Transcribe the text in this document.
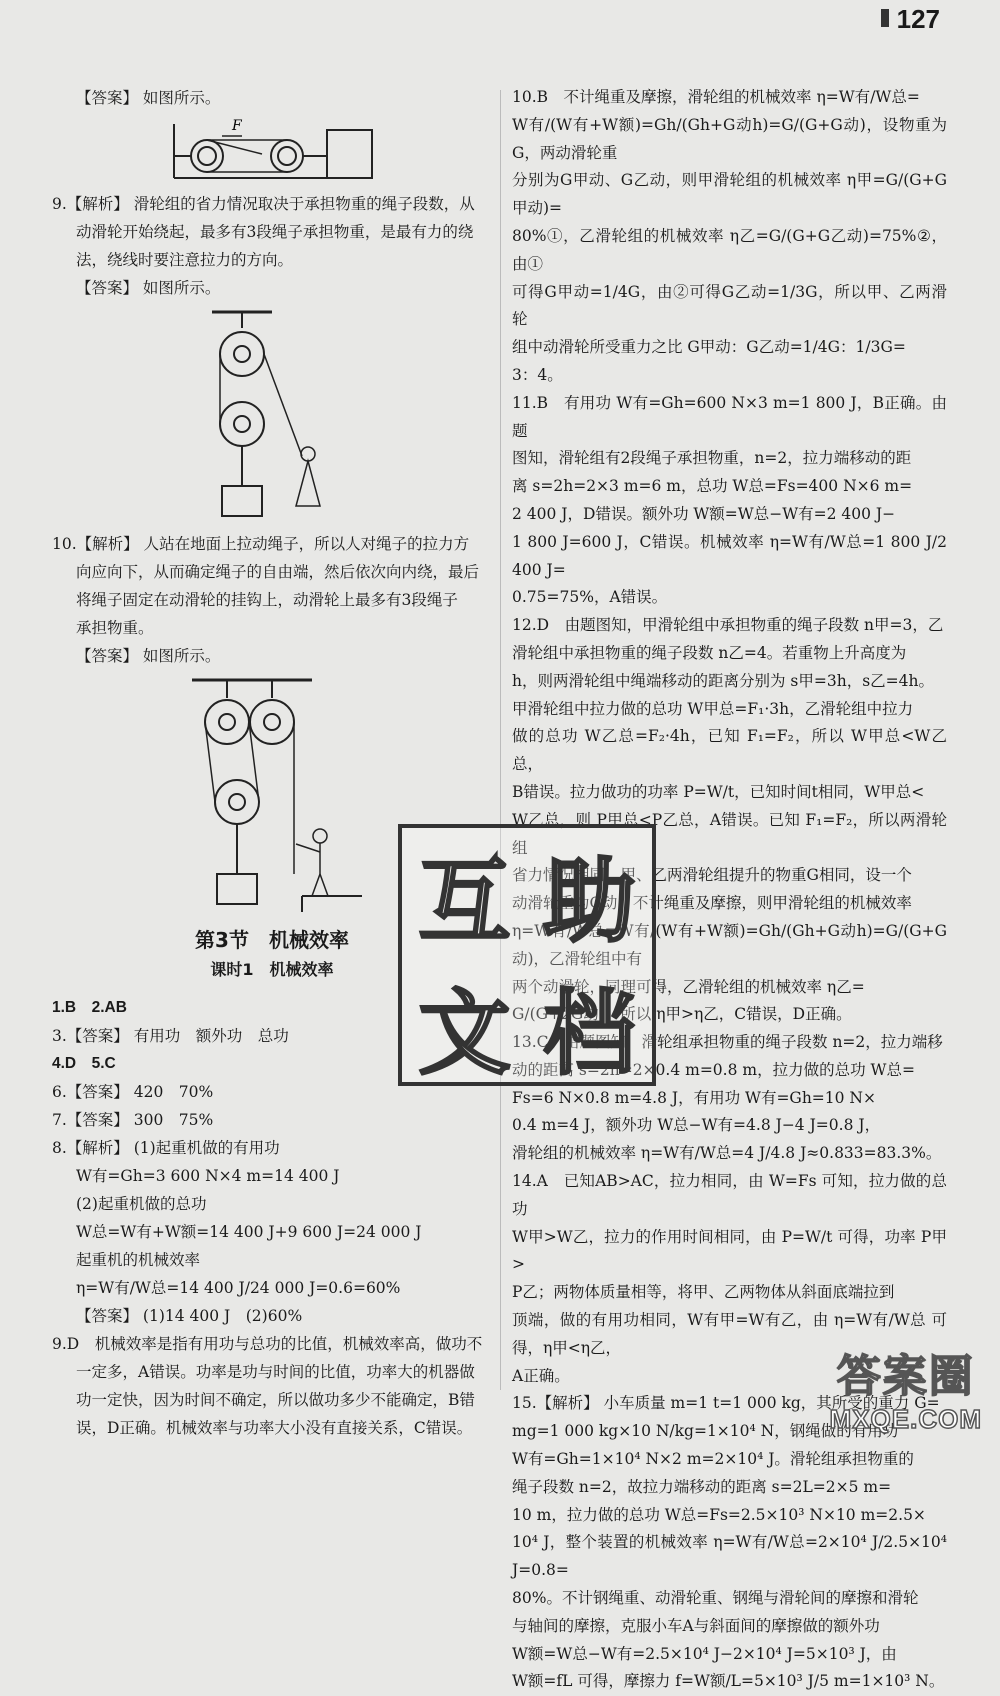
127

【答案】 如图所示。

F

9.【解析】 滑轮组的省力情况取决于承担物重的绳子段数，从

动滑轮开始绕起，最多有3段绳子承担物重，是最有力的绕

法，绕线时要注意拉力的方向。

【答案】 如图所示。

10.【解析】 人站在地面上拉动绳子，所以人对绳子的拉力方

向应向下，从而确定绳子的自由端，然后依次向内绕，最后

将绳子固定在动滑轮的挂钩上，动滑轮上最多有3段绳子

承担物重。

【答案】 如图所示。

第3节　机械效率
课时1　机械效率

1.B　2.AB

3.【答案】 有用功　额外功　总功

4.D　5.C

6.【答案】 420　70%

7.【答案】 300　75%

8.【解析】 (1)起重机做的有用功

W有=Gh=3 600 N×4 m=14 400 J

(2)起重机做的总功

W总=W有+W额=14 400 J+9 600 J=24 000 J

起重机的机械效率

η=W有/W总=14 400 J/24 000 J=0.6=60%

【答案】 (1)14 400 J　(2)60%

9.D　机械效率是指有用功与总功的比值，机械效率高，做功不

一定多，A错误。功率是功与时间的比值，功率大的机器做

功一定快，因为时间不确定，所以做功多少不能确定，B错

误，D正确。机械效率与功率大小没有直接关系，C错误。

10.B　不计绳重及摩擦，滑轮组的机械效率 η=W有/W总=

W有/(W有+W额)=Gh/(Gh+G动h)=G/(G+G动)，设物重为G，两动滑轮重

分别为G甲动、G乙动，则甲滑轮组的机械效率 η甲=G/(G+G甲动)=

80%①，乙滑轮组的机械效率 η乙=G/(G+G乙动)=75%②，由①

可得G甲动=1/4G，由②可得G乙动=1/3G，所以甲、乙两滑轮

组中动滑轮所受重力之比 G甲动：G乙动=1/4G：1/3G=

3：4。

11.B　有用功 W有=Gh=600 N×3 m=1 800 J，B正确。由题

图知，滑轮组有2段绳子承担物重，n=2，拉力端移动的距

离 s=2h=2×3 m=6 m，总功 W总=Fs=400 N×6 m=

2 400 J，D错误。额外功 W额=W总−W有=2 400 J−

1 800 J=600 J，C错误。机械效率 η=W有/W总=1 800 J/2 400 J=

0.75=75%，A错误。

12.D　由题图知，甲滑轮组中承担物重的绳子段数 n甲=3，乙

滑轮组中承担物重的绳子段数 n乙=4。若重物上升高度为

h，则两滑轮组中绳端移动的距离分别为 s甲=3h，s乙=4h。

甲滑轮组中拉力做的总功 W甲总=F₁·3h，乙滑轮组中拉力

做的总功 W乙总=F₂·4h，已知 F₁=F₂，所以 W甲总<W乙总，

B错误。拉力做功的功率 P=W/t，已知时间t相同，W甲总<

W乙总，则 P甲总<P乙总，A错误。已知 F₁=F₂，所以两滑轮组

省力情况相同，甲、乙两滑轮组提升的物重G相同，设一个

动滑轮重为G动，不计绳重及摩擦，则甲滑轮组的机械效率

η=W有/W总=W有/(W有+W额)=Gh/(Gh+G动h)=G/(G+G动)，乙滑轮组中有

两个动滑轮，同理可得，乙滑轮组的机械效率 η乙=

G/(G+2G动)，所以 η甲>η乙，C错误，D正确。

13.C　由题图知，滑轮组承担物重的绳子段数 n=2，拉力端移

动的距离 s=2h=2×0.4 m=0.8 m，拉力做的总功 W总=

Fs=6 N×0.8 m=4.8 J，有用功 W有=Gh=10 N×

0.4 m=4 J，额外功 W总−W有=4.8 J−4 J=0.8 J，

滑轮组的机械效率 η=W有/W总=4 J/4.8 J≈0.833=83.3%。

14.A　已知AB>AC，拉力相同，由 W=Fs 可知，拉力做的总功

W甲>W乙，拉力的作用时间相同，由 P=W/t 可得，功率 P甲>

P乙；两物体质量相等，将甲、乙两物体从斜面底端拉到

顶端，做的有用功相同，W有甲=W有乙，由 η=W有/W总 可得，η甲<η乙，

A正确。

15.【解析】 小车质量 m=1 t=1 000 kg，其所受的重力 G=

mg=1 000 kg×10 N/kg=1×10⁴ N，钢绳做的有用功

W有=Gh=1×10⁴ N×2 m=2×10⁴ J。滑轮组承担物重的

绳子段数 n=2，故拉力端移动的距离 s=2L=2×5 m=

10 m，拉力做的总功 W总=Fs=2.5×10³ N×10 m=2.5×

10⁴ J，整个装置的机械效率 η=W有/W总=2×10⁴ J/2.5×10⁴ J=0.8=

80%。不计钢绳重、动滑轮重、钢绳与滑轮间的摩擦和滑轮

与轴间的摩擦，克服小车A与斜面间的摩擦做的额外功

W额=W总−W有=2.5×10⁴ J−2×10⁴ J=5×10³ J，由

W额=fL 可得，摩擦力 f=W额/L=5×10³ J/5 m=1×10³ N。

互 助
文 档
答案圈
MXQE.COM
